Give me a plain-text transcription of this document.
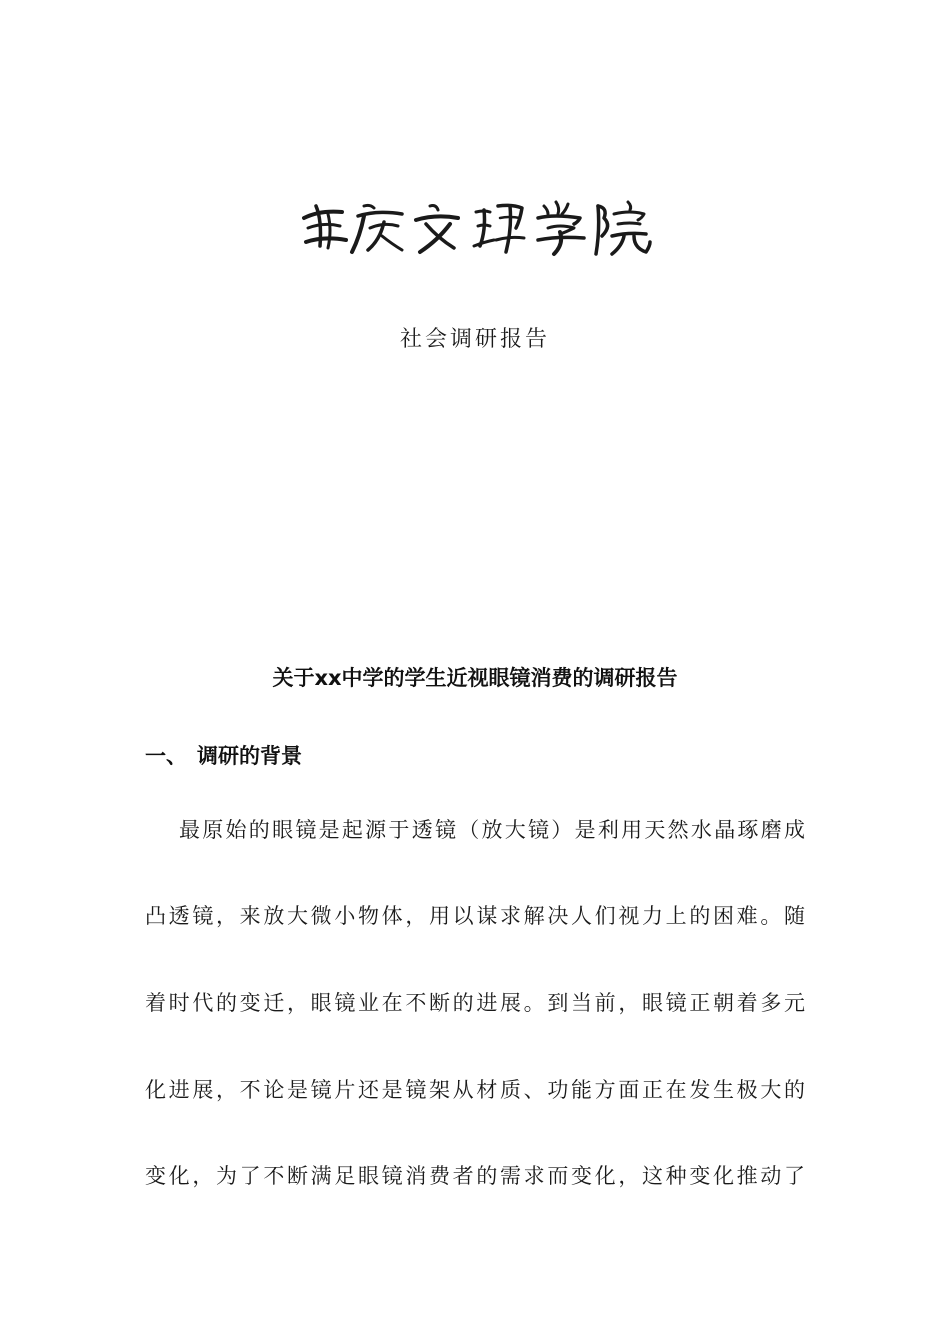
社会调研报告
关于xx中学的学生近视眼镜消费的调研报告
一、 调研的背景
最原始的眼镜是起源于透镜（放大镜）是利用天然水晶琢磨成
凸透镜，来放大微小物体，用以谋求解决人们视力上的困难。随
着时代的变迁，眼镜业在不断的进展。到当前，眼镜正朝着多元
化进展，不论是镜片还是镜架从材质、功能方面正在发生极大的
变化，为了不断满足眼镜消费者的需求而变化，这种变化推动了
